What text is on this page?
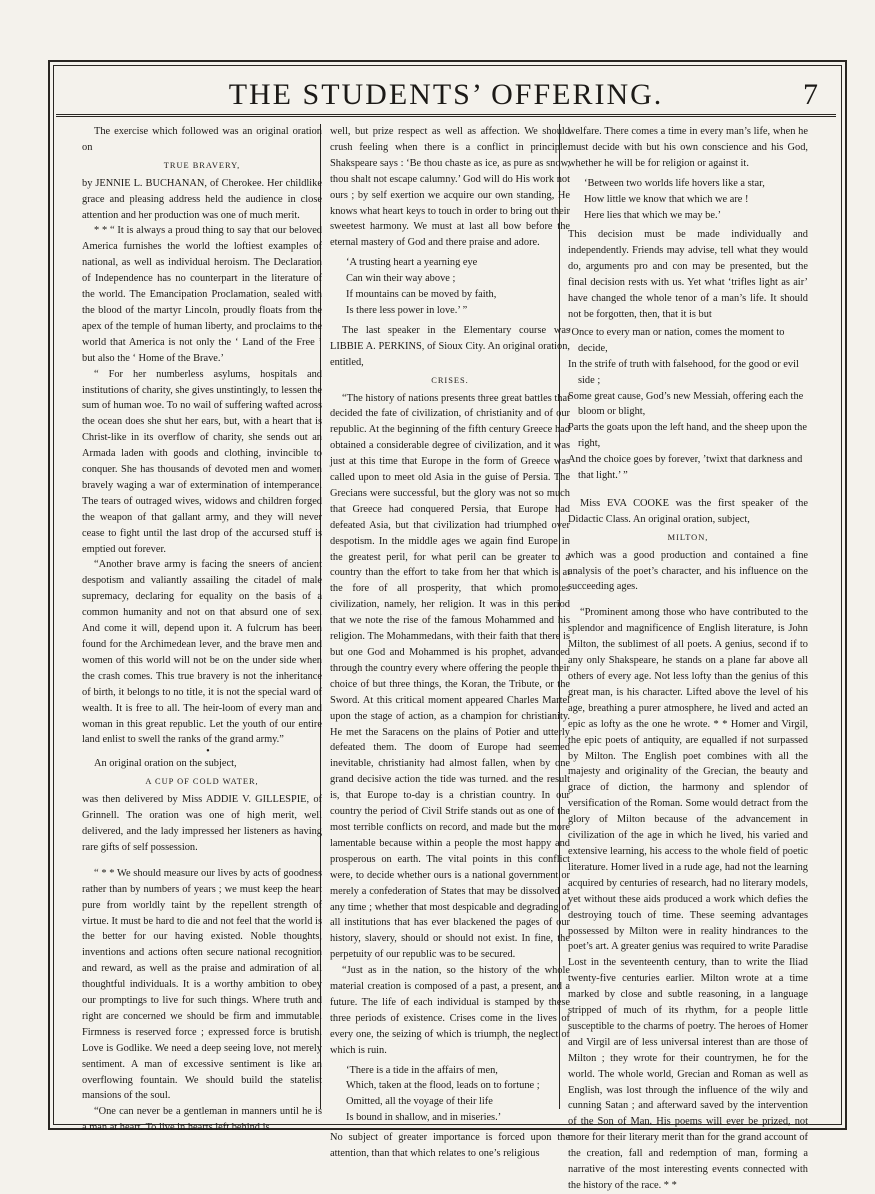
THE STUDENTS’ OFFERING.	7

The exercise which followed was an original oration on

TRUE BRAVERY,

by JENNIE L. BUCHANAN, of Cherokee. Her childlike grace and pleasing address held the audience in close attention and her production was one of much merit.

* * “ It is always a proud thing to say that our beloved America furnishes the world the loftiest examples of national, as well as individual heroism. The Declaration of Independence has no counterpart in the literature of the world. The Emancipation Proclamation, sealed with the blood of the martyr Lincoln, proudly floats from the apex of the temple of human liberty, and proclaims to the world that America is not only the ‘ Land of the Free ’ but also the ‘ Home of the Brave.’

“ For her numberless asylums, hospitals and institutions of charity, she gives unstintingly, to lessen the sum of human woe. To no wail of suffering wafted across the ocean does she shut her ears, but, with a heart that is Christ-like in its overflow of charity, she sends out an Armada laden with goods and clothing, invincible to conquer. She has thousands of devoted men and women bravely waging a war of extermination of intemperance. The tears of outraged wives, widows and children forged the weapon of that gallant army, and they will never cease to fight until the last drop of the accursed stuff is emptied out forever.

“Another brave army is facing the sneers of ancient despotism and valiantly assailing the citadel of male supremacy, declaring for equality on the basis of a common humanity and not on that absurd one of sex. And come it will, depend upon it. A fulcrum has been found for the Archimedean lever, and the brave men and women of this world will not be on the under side when the crash comes. This true bravery is not the inheritance of birth, it belongs to no title, it is not the special ward of wealth. It is free to all. The heir-loom of every man and woman in this great republic. Let the youth of our entire land enlist to swell the ranks of the grand army.”

•

An original oration on the subject,

A CUP OF COLD WATER,

was then delivered by Miss ADDIE V. GILLESPIE, of Grinnell. The oration was one of high merit, well delivered, and the lady impressed her listeners as having rare gifts of self possession.

“ * * We should measure our lives by acts of goodness rather than by numbers of years ; we must keep the heart pure from worldly taint by the repellent strength of virtue. It must be hard to die and not feel that the world is the better for our having existed. Noble thoughts, inventions and actions often secure national recognition and reward, as well as the praise and admiration of all thoughtful individuals. It is a worthy ambition to obey our promptings to live for such things. Where truth and right are concerned we should be firm and immutable. Firmness is reserved force ; expressed force is brutish. Love is Godlike. We need a deep seeing love, not merely sentiment. A man of excessive sentiment is like an overflowing fountain. We should build the statelist mansions of the soul.

“One can never be a gentleman in manners until he is a man at heart. To live in hearts left behind is

well, but prize respect as well as affection. We should crush feeling when there is a conflict in principle. Shakspeare says : ‘Be thou chaste as ice, as pure as snow, thou shalt not escape calumny.’ God will do His work not ours ; by self exertion we acquire our own standing, He knows what heart keys to touch in order to bring out their sweetest harmony. We must at last all bow before the eternal mastery of God and there praise and adore.

‘A trusting heart a yearning eye
Can win their way above ;
If mountains can be moved by faith,
Is there less power in love.’ ”

The last speaker in the Elementary course was LIBBIE A. PERKINS, of Sioux City. An original oration, entitled,

CRISES.

“The history of nations presents three great battles that decided the fate of civilization, of christianity and of our republic. At the beginning of the fifth century Greece had obtained a considerable degree of civilization, and it was just at this time that Europe in the form of Greece was called upon to meet old Asia in the guise of Persia. The Grecians were successful, but the glory was not so much that Greece had conquered Persia, that Europe had defeated Asia, but that civilization had triumphed over despotism. In the middle ages we again find Europe in the greatest peril, for what peril can be greater to a country than the effort to take from her that which is at the fore of all prosperity, that which promotes civilization, namely, her religion. It was in this period that we note the rise of the famous Mohammed and his religion. The Mohammedans, with their faith that there is but one God and Mohammed is his prophet, advanced through the country every where offering the people their choice of but three things, the Koran, the Tribute, or the Sword. At this critical moment appeared Charles Martel upon the stage of action, as a champion for christianity. He met the Saracens on the plains of Potier and utterly defeated them. The doom of Europe had seemed inevitable, christianity had almost fallen, when by one grand decisive action the tide was turned. and the result is, that Europe to-day is a christian country. In our country the period of Civil Strife stands out as one of the most terrible conflicts on record, and made but the more lamentable because within a people the most happy and prosperous on earth. The vital points in this conflict were, to decide whether ours is a national government or merely a confederation of States that may be dissolved at any time ; whether that most despicable and degrading of all institutions that has ever blackened the pages of our history, slavery, should or should not exist. In fine, the perpetuity of our republic was to be secured.

“Just as in the nation, so the history of the whole material creation is composed of a past, a present, and a future. The life of each individual is stamped by these three periods of existence. Crises come in the lives of every one, the seizing of which is triumph, the neglect of which is ruin.

‘There is a tide in the affairs of men,
Which, taken at the flood, leads on to fortune ;
Omitted, all the voyage of their life
Is bound in shallow, and in miseries.’

No subject of greater importance is forced upon the attention, than that which relates to one’s religious

welfare. There comes a time in every man’s life, when he must decide with but his own conscience and his God, whether he will be for religion or against it.

‘Between two worlds life hovers like a star,
How little we know that which we are !
Here lies that which we may be.’

This decision must be made individually and independently. Friends may advise, tell what they would do, arguments pro and con may be presented, but the final decision rests with us. Yet what ‘trifles light as air’ have changed the whole tenor of a man’s life. It should not be forgotten, then, that it is but

‘Once to every man or nation, comes the moment to decide,
In the strife of truth with falsehood, for the good or evil side ;
Some great cause, God’s new Messiah, offering each the bloom or blight,
Parts the goats upon the left hand, and the sheep upon the right,
And the choice goes by forever, ’twixt that darkness and that light.’ ”

Miss EVA COOKE was the first speaker of the Didactic Class. An original oration, subject,

MILTON,

which was a good production and contained a fine analysis of the poet’s character, and his influence on the succeeding ages.

“Prominent among those who have contributed to the splendor and magnificence of English literature, is John Milton, the sublimest of all poets. A genius, second if to any only Shakspeare, he stands on a plane far above all others of every age. Not less lofty than the genius of this great man, is his character. Lifted above the level of his age, breathing a purer atmosphere, he lived and acted an epic as lofty as the one he wrote. * * Homer and Virgil, the epic poets of antiquity, are equalled if not surpassed by Milton. The English poet combines with all the majesty and originality of the Grecian, the beauty and grace of diction, the harmony and splendor of versification of the Roman. Some would detract from the glory of Milton because of the advancement in civilization of the age in which he lived, his varied and extensive learning, his access to the whole field of poetic literature. Homer lived in a rude age, had not the learning acquired by centuries of research, had no literary models, yet without these aids produced a work which defies the destroying touch of time. These seeming advantages possessed by Milton were in reality hindrances to the poet’s art. A greater genius was required to write Paradise Lost in the seventeenth century, than to write the Iliad twenty-five centuries earlier. Milton wrote at a time marked by close and subtle reasoning, in a language stripped of much of its rhythm, for a people little susceptible to the charms of poetry. The heroes of Homer and Virgil are of less universal interest than are those of Milton ; they wrote for their countrymen, he for the world. The whole world, Grecian and Roman as well as English, was lost through the influence of the wily and cunning Satan ; and afterward saved by the intervention of the Son of Man. His poems will ever be prized, not more for their literary merit than for the grand account of the creation, fall and redemption of man, forming a narrative of the most interesting events connected with the history of the race. * *
